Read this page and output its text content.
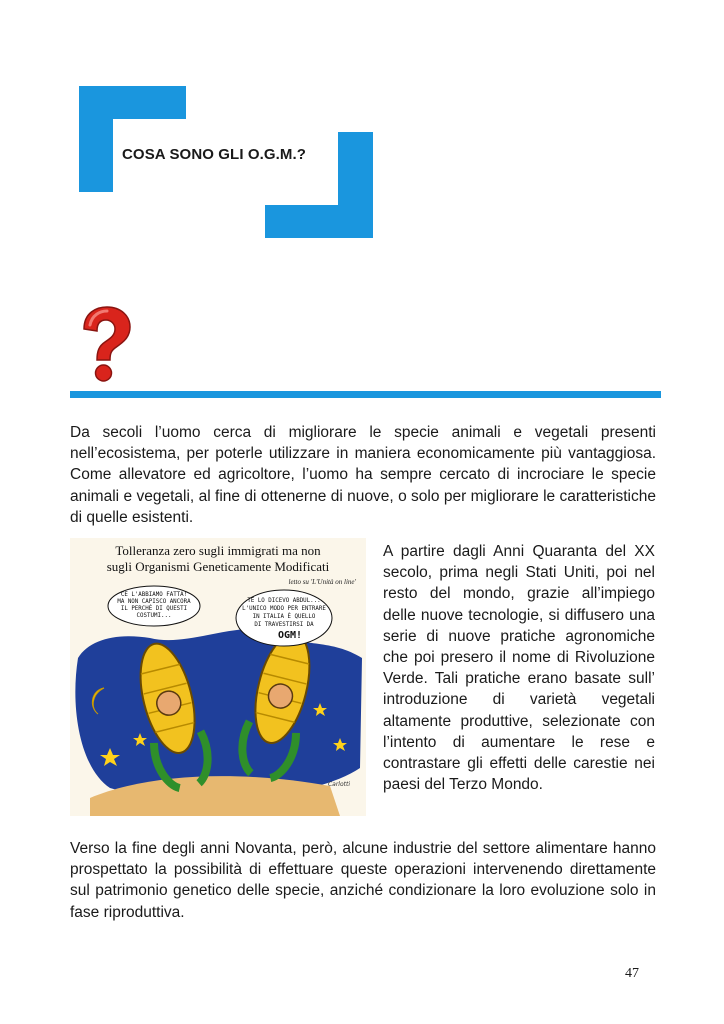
COSA SONO GLI O.G.M.?

Da secoli l’uomo cerca di migliorare le specie animali e vegetali presenti nell’ecosistema, per poterle utilizzare in maniera economicamente più vantaggiosa. Come allevatore ed agricoltore, l’uomo ha sempre cercato di incrociare le specie animali e vegetali, al fine di ottenerne di nuove, o solo per migliorare le caratteristiche di quelle esistenti.

Tolleranza zero sugli immigrati ma non
sugli Organismi Geneticamente Modificati
letto su 'L'Unità on line'
CE L'ABBIAMO FATTA!
MA NON CAPISCO ANCORA
IL PERCHÉ DI QUESTI
COSTUMI...
TE LO DICEVO ABDUL...
L'UNICO MODO PER ENTRARE
IN ITALIA È QUELLO
DI TRAVESTIRSI DA
OGM!
Carlotti

A partire dagli Anni Quaranta del XX secolo, prima negli Stati Uniti, poi nel resto del mondo, grazie all’impiego delle nuove tecnologie, si diffusero una serie di nuove pratiche agronomiche che poi presero il nome di Rivoluzione Verde. Tali pratiche erano basate sull’ introduzione di varietà vegetali altamente produttive, selezionate con l’intento di aumentare le rese e contrastare gli effetti delle carestie nei paesi del Terzo Mondo.

Verso la fine degli anni Novanta, però, alcune industrie del settore alimentare hanno prospettato la possibilità di effettuare queste operazioni intervenendo direttamente sul patrimonio genetico delle specie, anziché condizionare la loro evoluzione solo in fase riproduttiva.

47
